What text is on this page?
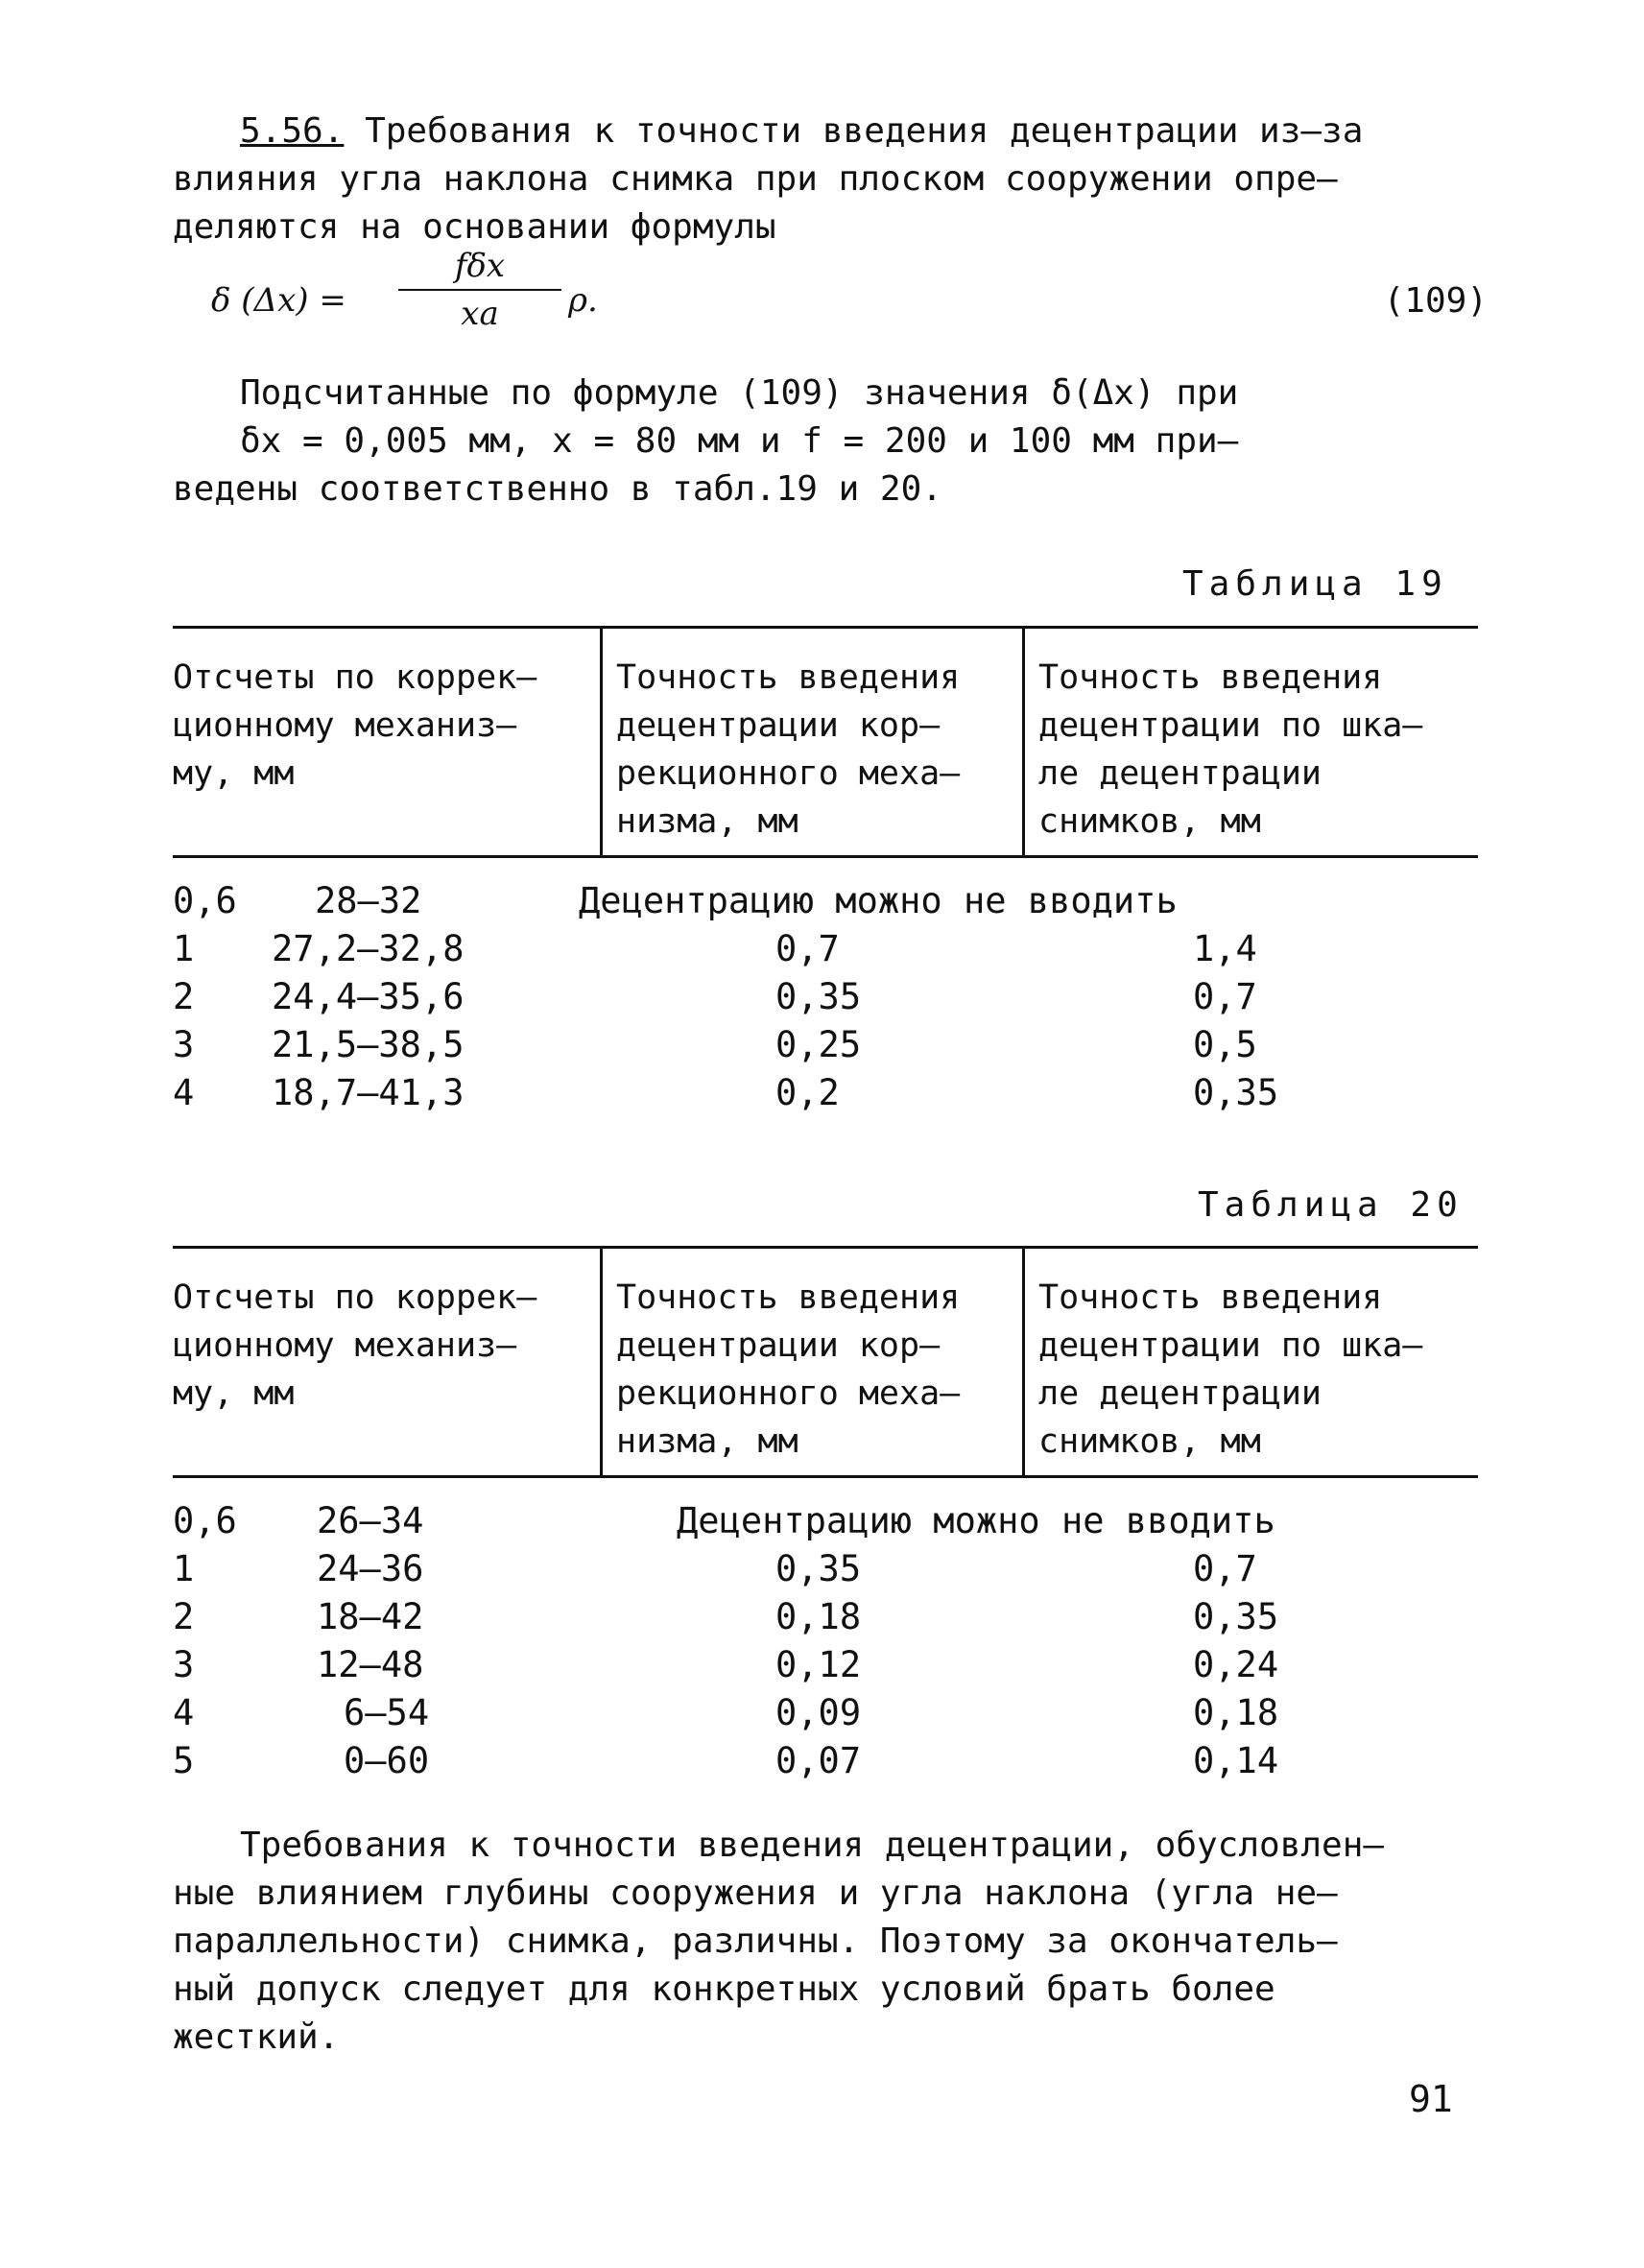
5.56. Требования к точности введения децентрации из–за
влияния угла наклона снимка при плоском сооружении опре–
деляются на основании формулы

δ (Δx) =
fδx
xa	ρ.	(109)

Подсчитанные по формуле (109) значения δ(Δx) при
δx = 0,005 мм, x = 80 мм и f = 200 и 100 мм при–
ведены соответственно в табл.19 и 20.

Таблица 19
Отсчеты по коррек–
ционному механиз–
му, мм
Точность введения
децентрации кор–
рекционного меха–
низма, мм
Точность введения
децентрации по шка–
ле децентрации
снимков, мм
0,6 28–32	Децентрацию можно не вводить
1 27,2–32,8	0,7	1,4
2 24,4–35,6	0,35	0,7
3 21,5–38,5	0,25	0,5
4 18,7–41,3	0,2	0,35
Таблица 20
Отсчеты по коррек–
ционному механиз–
му, мм
Точность введения
децентрации кор–
рекционного меха–
низма, мм
Точность введения
децентрации по шка–
ле децентрации
снимков, мм
0,6 26–34	Децентрацию можно не вводить
1	24–36	0,35	0,7
2	18–42	0,18	0,35
3	12–48	0,12	0,24
4	6–54	0,09	0,18
5	0–60	0,07	0,14

Требования к точности введения децентрации, обусловлен–
ные влиянием глубины сооружения и угла наклона (угла не–
параллельности) снимка, различны. Поэтому за окончатель–
ный допуск следует для конкретных условий брать более
жесткий.

91
